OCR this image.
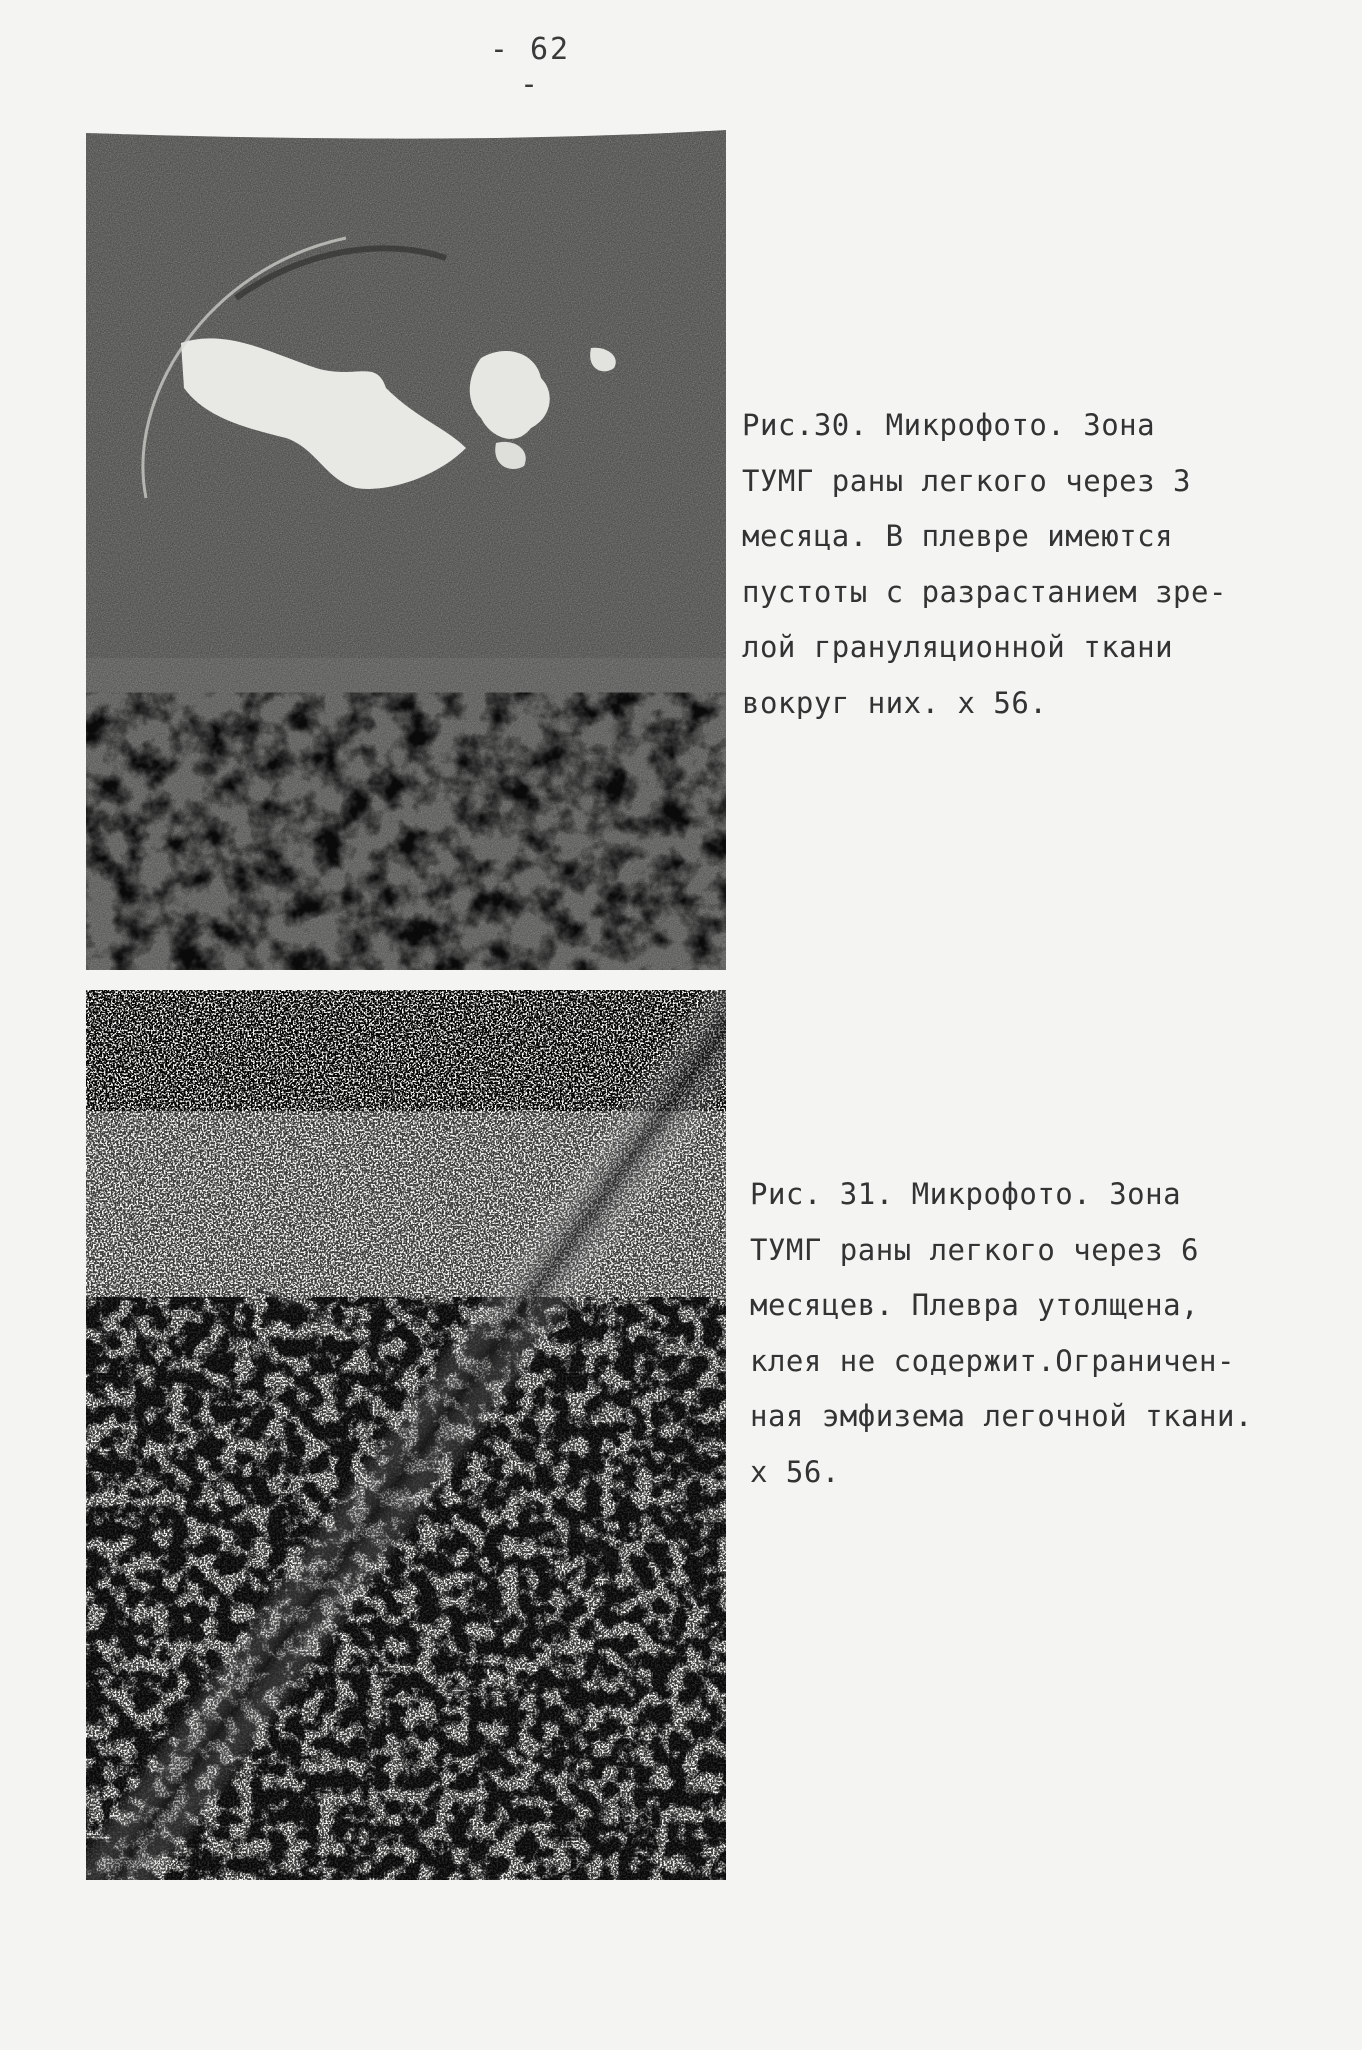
- 62 -
Рис.30. Микрофото. Зона
ТУМГ раны легкого через 3
месяца. В плевре имеются
пустоты с разрастанием зре-
лой грануляционной ткани
вокруг них. х 56.
Рис. 31. Микрофото. Зона
ТУМГ раны легкого через 6
месяцев. Плевра утолщена,
клея не содержит.Ограничен-
ная эмфизема легочной ткани.
х 56.
